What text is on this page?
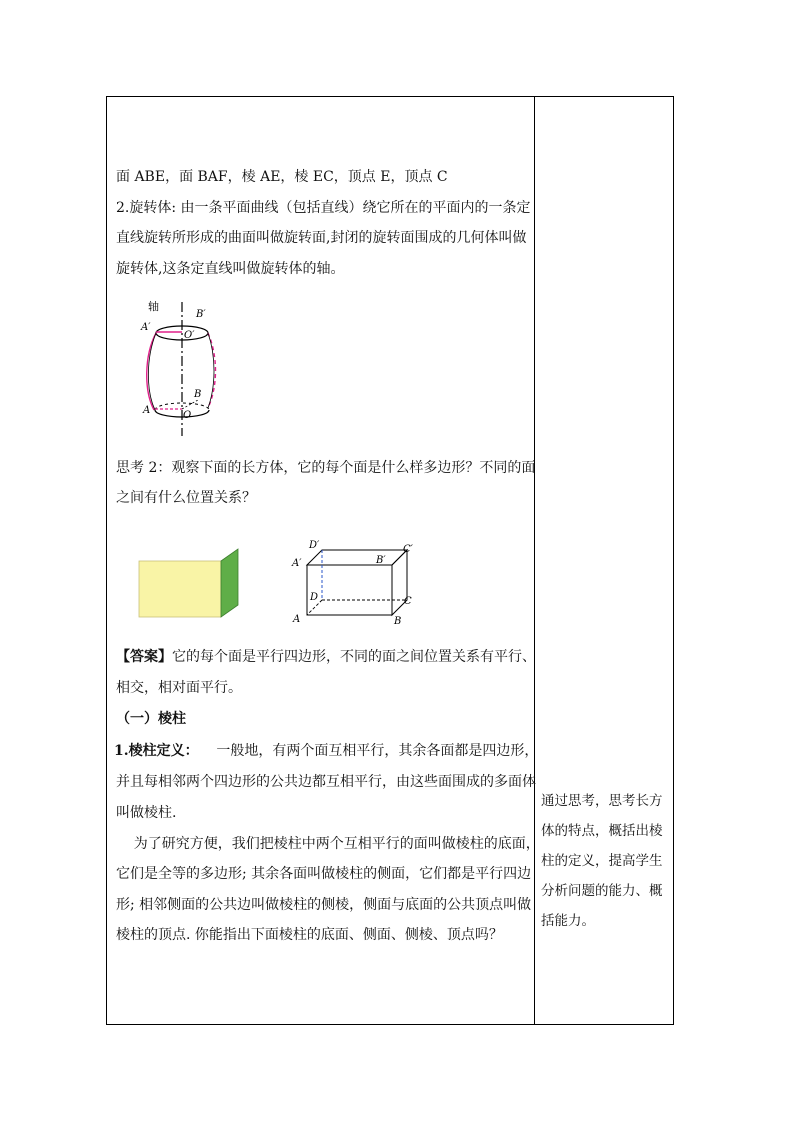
面 ABE，面 BAF，棱 AE，棱 EC，顶点 E，顶点 C
2.旋转体: 由一条平面曲线（包括直线）绕它所在的平面内的一条定
直线旋转所形成的曲面叫做旋转面,封闭的旋转面围成的几何体叫做
旋转体,这条定直线叫做旋转体的轴。
轴
B′
A′
O′
B
A	O
思考 2：观察下面的长方体，它的每个面是什么样多边形？不同的面
之间有什么位置关系？
D′	C′
A′	B′
D	C
A	B
【答案】它的每个面是平行四边形，不同的面之间位置关系有平行、
相交，相对面平行。
（一）棱柱
1.棱柱定义：    一般地，有两个面互相平行，其余各面都是四边形，
并且每相邻两个四边形的公共边都互相平行，由这些面围成的多面体
叫做棱柱.
为了研究方便，我们把棱柱中两个互相平行的面叫做棱柱的底面，
它们是全等的多边形; 其余各面叫做棱柱的侧面，它们都是平行四边
形; 相邻侧面的公共边叫做棱柱的侧棱，侧面与底面的公共顶点叫做
棱柱的顶点. 你能指出下面棱柱的底面、侧面、侧棱、顶点吗？
通过思考，思考长方
体的特点，概括出棱
柱的定义，提高学生
分析问题的能力、概
括能力。
